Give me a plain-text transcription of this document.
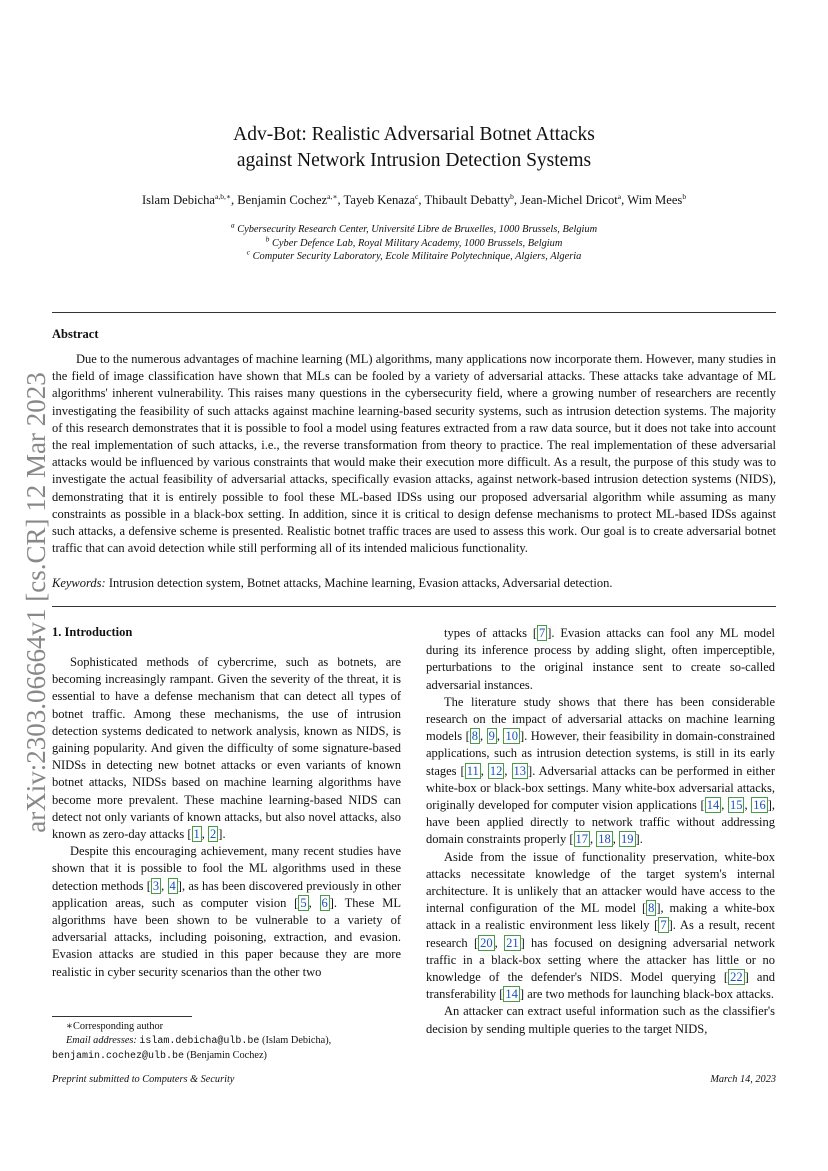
Adv-Bot: Realistic Adversarial Botnet Attacks
against Network Intrusion Detection Systems
Islam Debicha$^{a,b,∗}$, Benjamin Cochez$^{a,∗}$, Tayeb Kenaza$^c$, Thibault Debatty$^b$, Jean-Michel Dricot$^a$, Wim Mees$^b$
$^a$ Cybersecurity Research Center, Université Libre de Bruxelles, 1000 Brussels, Belgium
$^b$ Cyber Defence Lab, Royal Military Academy, 1000 Brussels, Belgium
$^c$ Computer Security Laboratory, Ecole Militaire Polytechnique, Algiers, Algeria
arXiv:2303.06664v1 [cs.CR] 12 Mar 2023
Abstract

Due to the numerous advantages of machine learning (ML) algorithms, many applications now incorporate them. However, many studies in the field of image classification have shown that MLs can be fooled by a variety of adversarial attacks. These attacks take advantage of ML algorithms' inherent vulnerability. This raises many questions in the cybersecurity field, where a growing number of researchers are recently investigating the feasibility of such attacks against machine learning-based security systems, such as intrusion detection systems. The majority of this research demonstrates that it is possible to fool a model using features extracted from a raw data source, but it does not take into account the real implementation of such attacks, i.e., the reverse transformation from theory to practice. The real implementation of these adversarial attacks would be influenced by various constraints that would make their execution more difficult. As a result, the purpose of this study was to investigate the actual feasibility of adversarial attacks, specifically evasion attacks, against network-based intrusion detection systems (NIDS), demonstrating that it is entirely possible to fool these ML-based IDSs using our proposed adversarial algorithm while assuming as many constraints as possible in a black-box setting. In addition, since it is critical to design defense mechanisms to protect ML-based IDSs against such attacks, a defensive scheme is presented. Realistic botnet traffic traces are used to assess this work. Our goal is to create adversarial botnet traffic that can avoid detection while still performing all of its intended malicious functionality.

Keywords: Intrusion detection system, Botnet attacks, Machine learning, Evasion attacks, Adversarial detection.
1. Introduction

Sophisticated methods of cybercrime, such as botnets, are becoming increasingly rampant. Given the severity of the threat, it is essential to have a defense mechanism that can detect all types of botnet traffic. Among these mechanisms, the use of intrusion detection systems dedicated to network analysis, known as NIDS, is gaining popularity. And given the difficulty of some signature-based NIDSs in detecting new botnet attacks or even variants of known botnet attacks, NIDSs based on machine learning algorithms have become more prevalent. These machine learning-based NIDS can detect not only variants of known attacks, but also novel attacks, also known as zero-day attacks [ 1 , 2 ].

Despite this encouraging achievement, many recent studies have shown that it is possible to fool the ML algorithms used in these detection methods [ 3 , 4 ], as has been discovered previously in other application areas, such as computer vision [ 5 , 6 ]. These ML algorithms have been shown to be vulnerable to a variety of adversarial attacks, including poisoning, extraction, and evasion. Evasion attacks are studied in this paper because they are more realistic in cyber security scenarios than the other two

types of attacks [ 7 ]. Evasion attacks can fool any ML model during its inference process by adding slight, often imperceptible, perturbations to the original instance sent to create so-called adversarial instances.

The literature study shows that there has been considerable research on the impact of adversarial attacks on machine learning models [ 8 , 9 , 10 ]. However, their feasibility in domain-constrained applications, such as intrusion detection systems, is still in its early stages [ 11 , 12 , 13 ]. Adversarial attacks can be performed in either white-box or black-box settings. Many white-box adversarial attacks, originally developed for computer vision applications [ 14 , 15 , 16 ], have been applied directly to network traffic without addressing domain constraints properly [ 17 , 18 , 19 ].

Aside from the issue of functionality preservation, white-box attacks necessitate knowledge of the target system's internal architecture. It is unlikely that an attacker would have access to the internal configuration of the ML model [ 8 ], making a white-box attack in a realistic environment less likely [ 7 ]. As a result, recent research [ 20 , 21 ] has focused on designing adversarial network traffic in a black-box setting where the attacker has little or no knowledge of the defender's NIDS. Model querying [ 22 ] and transferability [ 14 ] are two methods for launching black-box attacks.

An attacker can extract useful information such as the classifier's decision by sending multiple queries to the target NIDS,

∗Corresponding author
Email addresses: islam.debicha@ulb.be (Islam Debicha),
benjamin.cochez@ulb.be (Benjamin Cochez)
Preprint submitted to Computers & Security	March 14, 2023
